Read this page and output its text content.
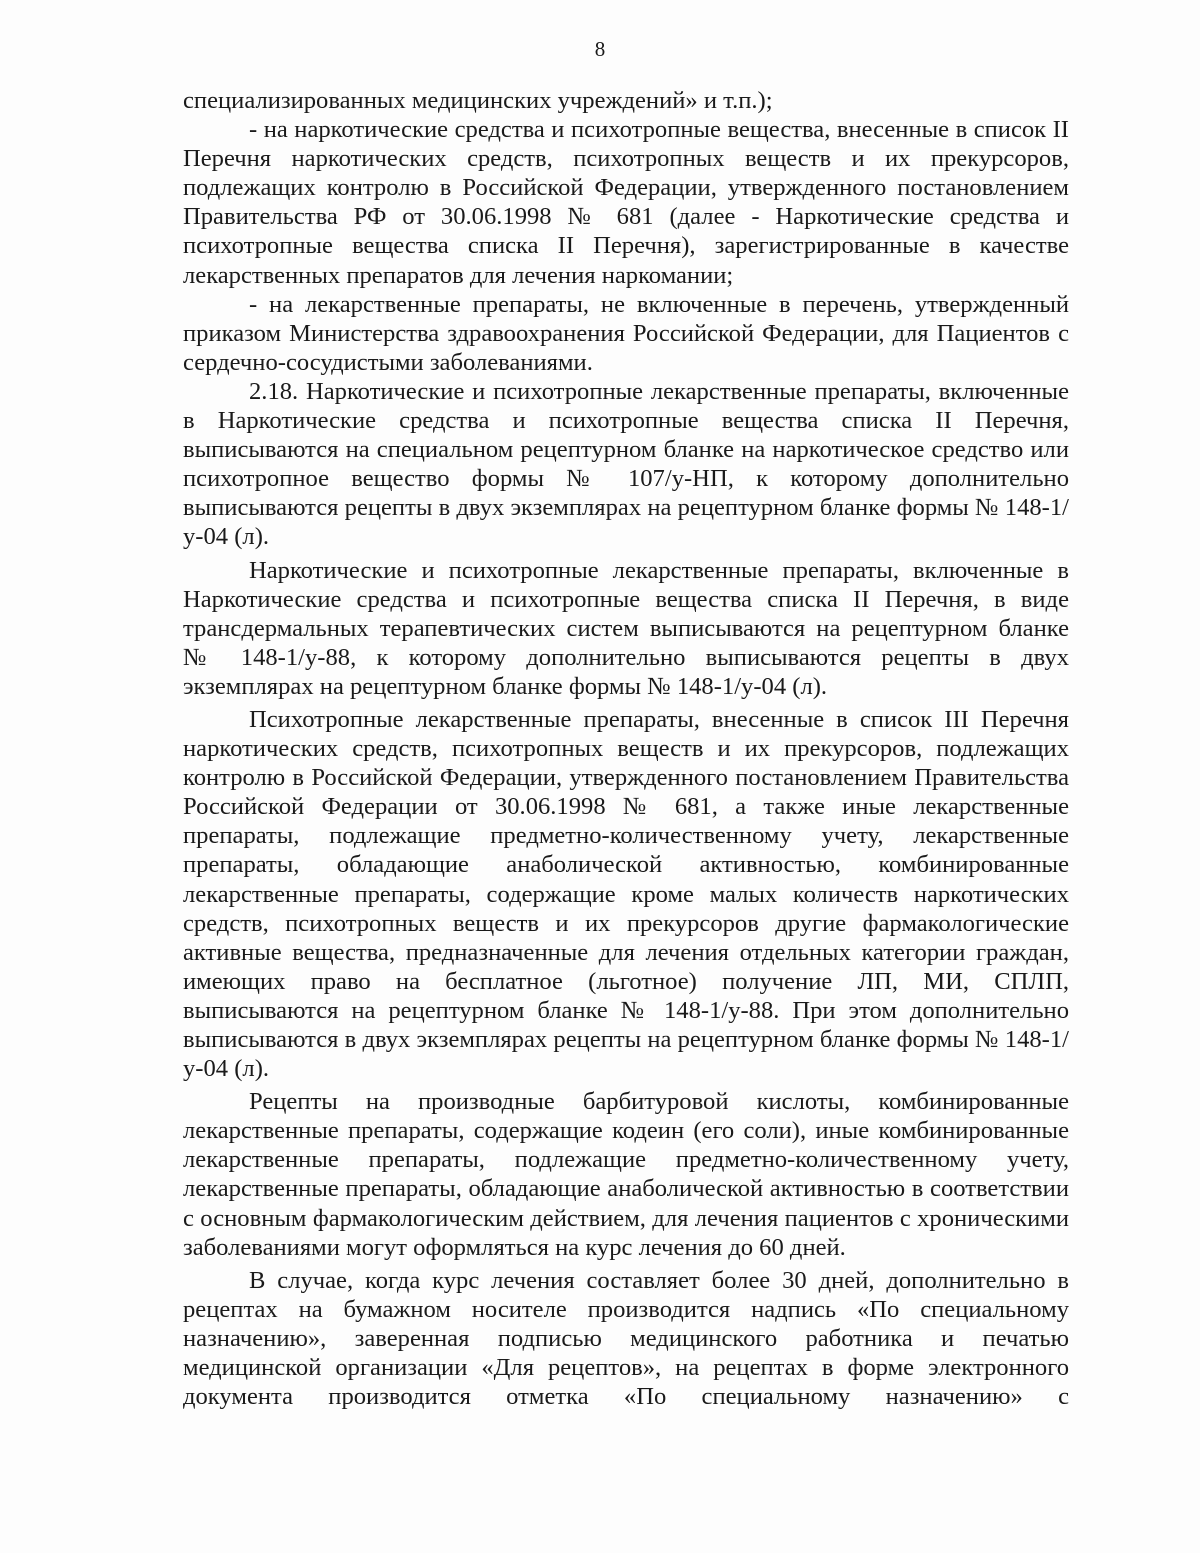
8

специализированных медицинских учреждений» и т.п.);

- на наркотические средства и психотропные вещества, внесенные в список II Перечня наркотических средств, психотропных веществ и их прекурсоров, подлежащих контролю в Российской Федерации, утвержденного постановлением Правительства РФ от 30.06.1998 № 681 (далее - Наркотические средства и психотропные вещества списка II Перечня), зарегистрированные в качестве лекарственных препаратов для лечения наркомании;

- на лекарственные препараты, не включенные в перечень, утвержденный приказом Министерства здравоохранения Российской Федерации, для Пациентов с сердечно-сосудистыми заболеваниями.

2.18. Наркотические и психотропные лекарственные препараты, включенные в Наркотические средства и психотропные вещества списка II Перечня, выписываются на специальном рецептурном бланке на наркотическое средство или психотропное вещество формы № 107/у-НП, к которому дополнительно выписываются рецепты в двух экземплярах на рецептурном бланке формы № 148-1/у-04 (л).

Наркотические и психотропные лекарственные препараты, включенные в Наркотические средства и психотропные вещества списка II Перечня, в виде трансдермальных терапевтических систем выписываются на рецептурном бланке № 148-1/у-88, к которому дополнительно выписываются рецепты в двух экземплярах на рецептурном бланке формы № 148-1/у-04 (л).

Психотропные лекарственные препараты, внесенные в список III Перечня наркотических средств, психотропных веществ и их прекурсоров, подлежащих контролю в Российской Федерации, утвержденного постановлением Правительства Российской Федерации от 30.06.1998 № 681, а также иные лекарственные препараты, подлежащие предметно-количественному учету, лекарственные препараты, обладающие анаболической активностью, комбинированные лекарственные препараты, содержащие кроме малых количеств наркотических средств, психотропных веществ и их прекурсоров другие фармакологические активные вещества, предназначенные для лечения отдельных категории граждан, имеющих право на бесплатное (льготное) получение ЛП, МИ, СПЛП, выписываются на рецептурном бланке № 148-1/у-88. При этом дополнительно выписываются в двух экземплярах рецепты на рецептурном бланке формы № 148-1/у-04 (л).

Рецепты на производные барбитуровой кислоты, комбинированные лекарственные препараты, содержащие кодеин (его соли), иные комбинированные лекарственные препараты, подлежащие предметно-количественному учету, лекарственные препараты, обладающие анаболической активностью в соответствии с основным фармакологическим действием, для лечения пациентов с хроническими заболеваниями могут оформляться на курс лечения до 60 дней.

В случае, когда курс лечения составляет более 30 дней, дополнительно в рецептах на бумажном носителе производится надпись «По специальному назначению», заверенная подписью медицинского работника и печатью медицинской организации «Для рецептов», на рецептах в форме электронного документа производится отметка «По специальному назначению» с
